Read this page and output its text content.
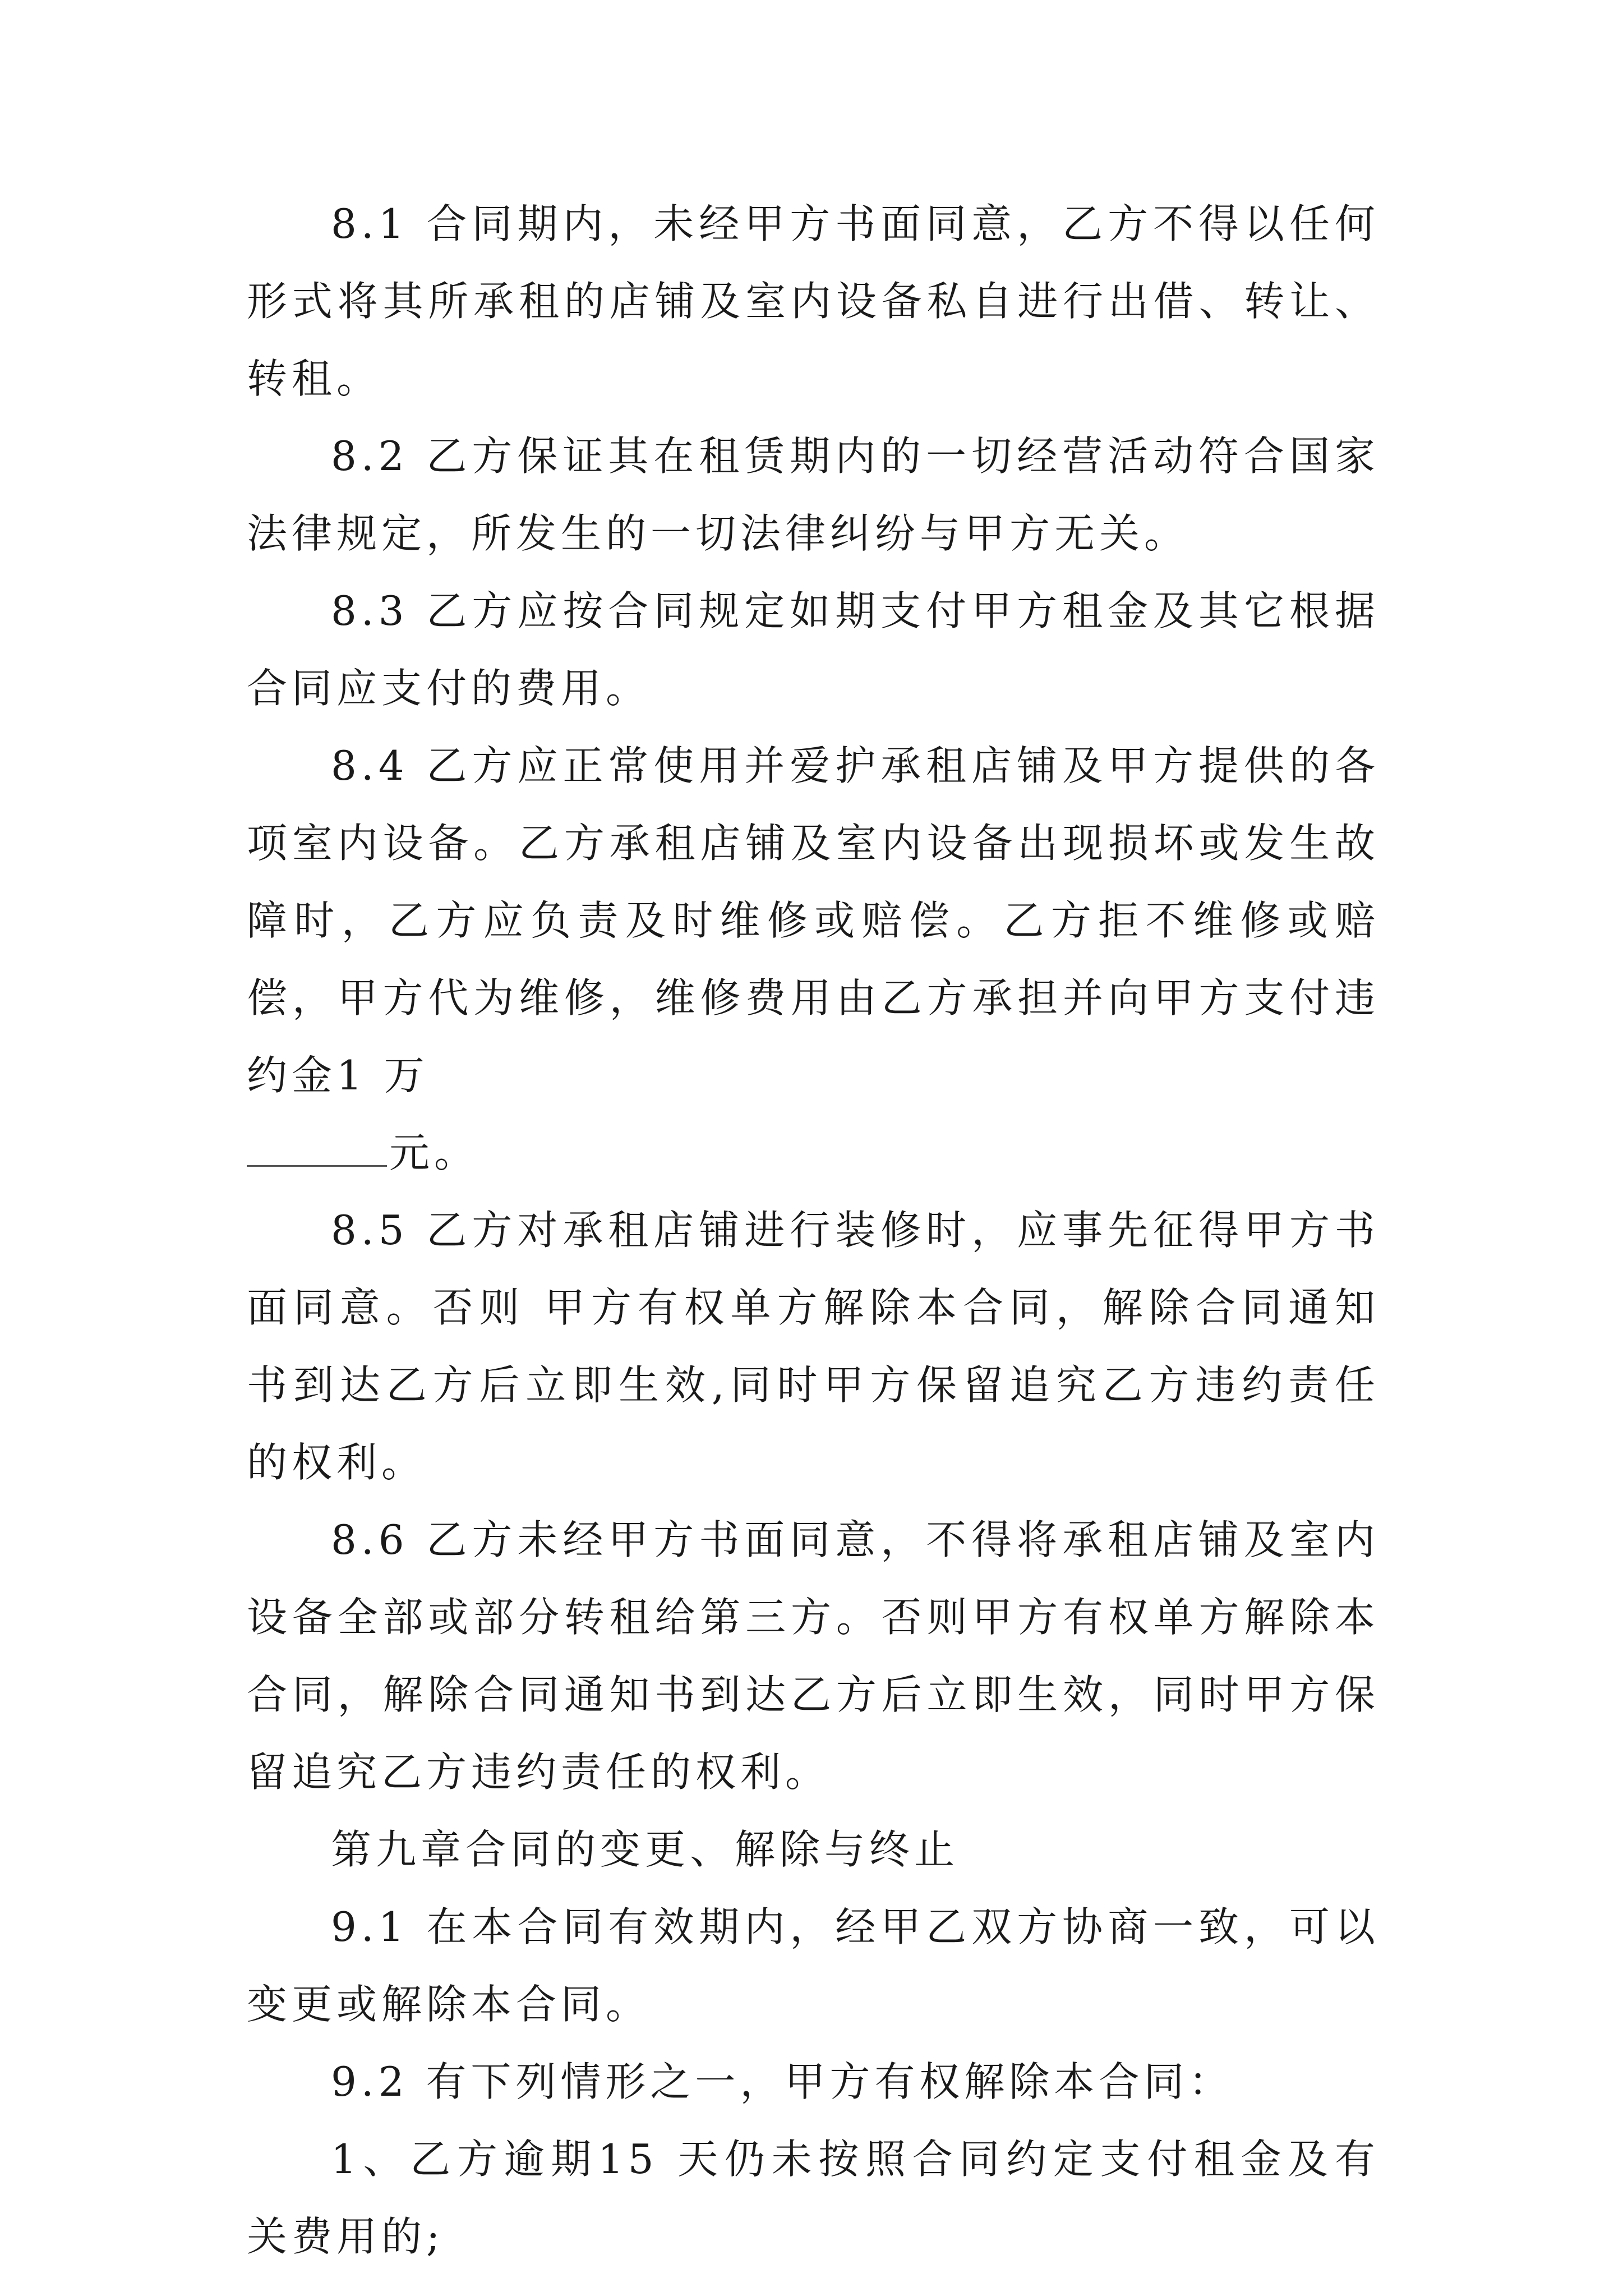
8.1 合同期内，未经甲方书面同意，乙方不得以任何形式将其所承租的店铺及室内设备私自进行出借、转让、转租。

8.2 乙方保证其在租赁期内的一切经营活动符合国家法律规定，所发生的一切法律纠纷与甲方无关。

8.3 乙方应按合同规定如期支付甲方租金及其它根据合同应支付的费用。

8.4 乙方应正常使用并爱护承租店铺及甲方提供的各项室内设备。乙方承租店铺及室内设备出现损坏或发生故障时，乙方应负责及时维修或赔偿。乙方拒不维修或赔偿，甲方代为维修，维修费用由乙方承担并向甲方支付违约金1 万

元。

8.5 乙方对承租店铺进行装修时，应事先征得甲方书面同意。否则 甲方有权单方解除本合同，解除合同通知书到达乙方后立即生效,同时甲方保留追究乙方违约责任的权利。

8.6 乙方未经甲方书面同意，不得将承租店铺及室内设备全部或部分转租给第三方。否则甲方有权单方解除本合同，解除合同通知书到达乙方后立即生效，同时甲方保留追究乙方违约责任的权利。

第九章合同的变更、解除与终止

9.1 在本合同有效期内，经甲乙双方协商一致，可以变更或解除本合同。

9.2 有下列情形之一，甲方有权解除本合同：

1、乙方逾期15 天仍未按照合同约定支付租金及有关费用的;
